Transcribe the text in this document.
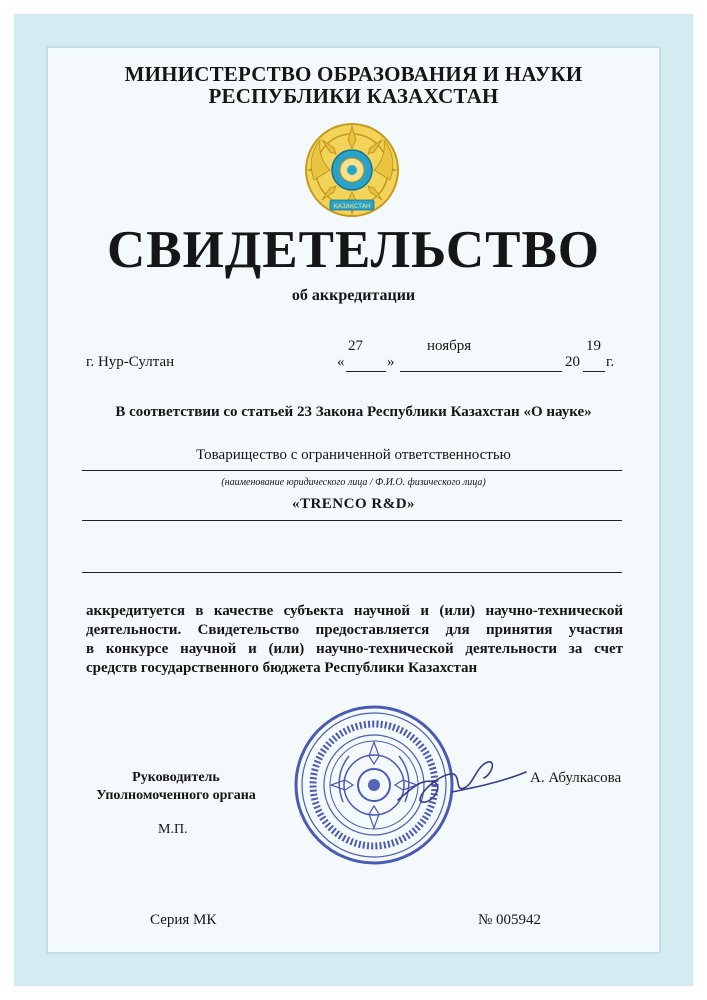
МИНИСТЕРСТВО ОБРАЗОВАНИЯ И НАУКИ
РЕСПУБЛИКИ КАЗАХСТАН
ҚАЗАҚСТАН
СВИДЕТЕЛЬСТВО
об аккредитации
г. Нур-Султан	«
27
»
ноября
20
19
г.
В соответствии со статьей 23 Закона Республики Казахстан «О науке»
Товарищество с ограниченной ответственностью
(наименование юридического лица / Ф.И.О. физического лица)
«TRENCO R&D»
аккредитуется в качестве субъекта научной и (или) научно-технической
деятельности. Свидетельство предоставляется для принятия участия
в конкурсе научной и (или) научно-технической деятельности за счет
средств государственного бюджета Республики Казахстан
Руководитель
Уполномоченного органа
А. Абулкасова
М.П.
Серия МК	№ 005942
